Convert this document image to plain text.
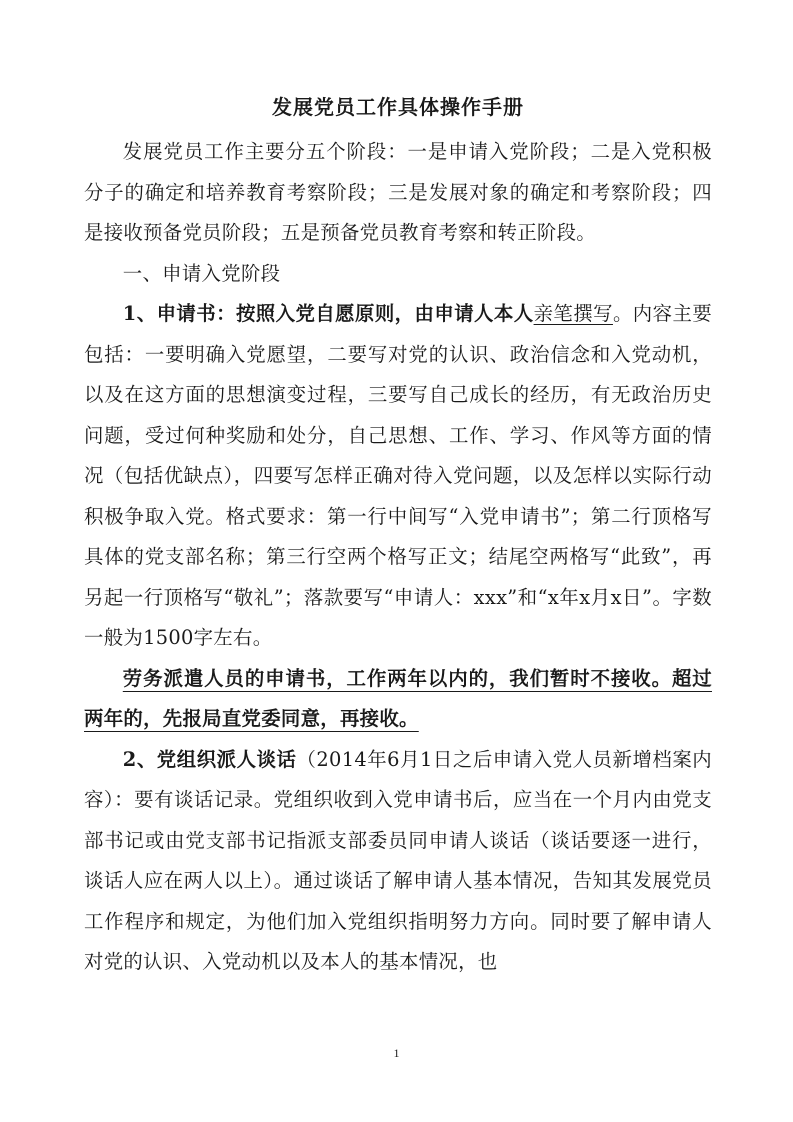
发展党员工作具体操作手册

发展党员工作主要分五个阶段：一是申请入党阶段；二是入党积极分子的确定和培养教育考察阶段；三是发展对象的确定和考察阶段；四是接收预备党员阶段；五是预备党员教育考察和转正阶段。

一、申请入党阶段

1、申请书：按照入党自愿原则，由申请人本人亲笔撰写。内容主要包括：一要明确入党愿望，二要写对党的认识、政治信念和入党动机，以及在这方面的思想演变过程，三要写自己成长的经历，有无政治历史问题，受过何种奖励和处分，自己思想、工作、学习、作风等方面的情况（包括优缺点），四要写怎样正确对待入党问题，以及怎样以实际行动积极争取入党。格式要求：第一行中间写“入党申请书”；第二行顶格写具体的党支部名称；第三行空两个格写正文；结尾空两格写“此致”，再另起一行顶格写“敬礼”；落款要写“申请人：xxx”和“x年x月x日”。字数一般为1500字左右。

劳务派遣人员的申请书，工作两年以内的，我们暂时不接收。超过两年的，先报局直党委同意，再接收。

2、党组织派人谈话（2014年6月1日之后申请入党人员新增档案内容）：要有谈话记录。党组织收到入党申请书后，应当在一个月内由党支部书记或由党支部书记指派支部委员同申请人谈话（谈话要逐一进行，谈话人应在两人以上）。通过谈话了解申请人基本情况，告知其发展党员工作程序和规定，为他们加入党组织指明努力方向。同时要了解申请人对党的认识、入党动机以及本人的基本情况，也

1
